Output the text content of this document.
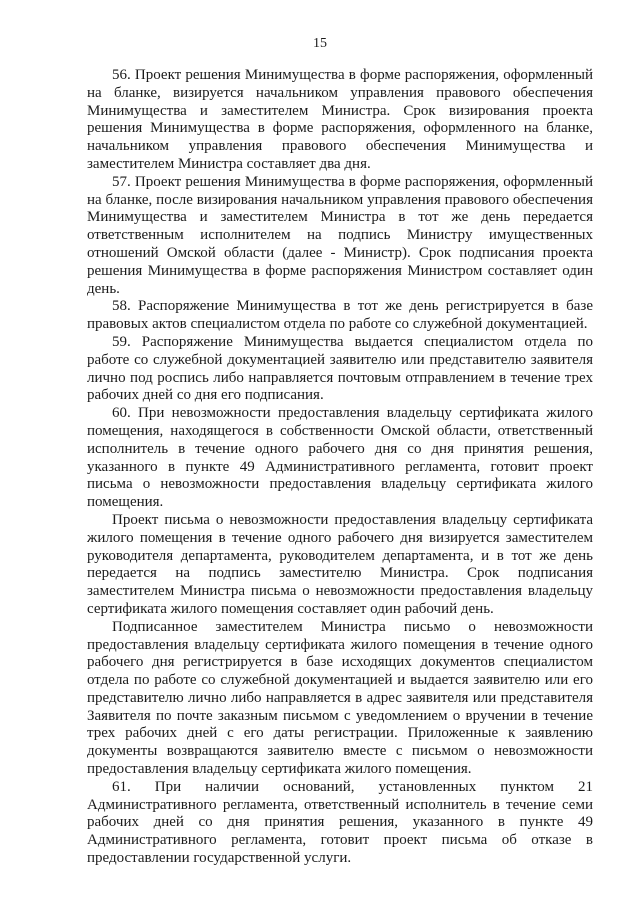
15

56. Проект решения Минимущества в форме распоряжения, оформленный на бланке, визируется начальником управления правового обеспечения Минимущества и заместителем Министра. Срок визирования проекта решения Минимущества в форме распоряжения, оформленного на бланке, начальником управления правового обеспечения Минимущества и заместителем Министра составляет два дня.

57. Проект решения Минимущества в форме распоряжения, оформленный на бланке, после визирования начальником управления правового обеспечения Минимущества и заместителем Министра в тот же день передается ответственным исполнителем на подпись Министру имущественных отношений Омской области (далее - Министр). Срок подписания проекта решения Минимущества в форме распоряжения Министром составляет один день.

58. Распоряжение Минимущества в тот же день регистрируется в базе правовых актов специалистом отдела по работе со служебной документацией.

59. Распоряжение Минимущества выдается специалистом отдела по работе со служебной документацией заявителю или представителю заявителя лично под роспись либо направляется почтовым отправлением в течение трех рабочих дней со дня его подписания.

60. При невозможности предоставления владельцу сертификата жилого помещения, находящегося в собственности Омской области, ответственный исполнитель в течение одного рабочего дня со дня принятия решения, указанного в пункте 49 Административного регламента, готовит проект письма о невозможности предоставления владельцу сертификата жилого помещения.

Проект письма о невозможности предоставления владельцу сертификата жилого помещения в течение одного рабочего дня визируется заместителем руководителя департамента, руководителем департамента, и в тот же день передается на подпись заместителю Министра. Срок подписания заместителем Министра письма о невозможности предоставления владельцу сертификата жилого помещения составляет один рабочий день.

Подписанное заместителем Министра письмо о невозможности предоставления владельцу сертификата жилого помещения в течение одного рабочего дня регистрируется в базе исходящих документов специалистом отдела по работе со служебной документацией и выдается заявителю или его представителю лично либо направляется в адрес заявителя или представителя Заявителя по почте заказным письмом с уведомлением о вручении в течение трех рабочих дней с его даты регистрации. Приложенные к заявлению документы возвращаются заявителю вместе с письмом о невозможности предоставления владельцу сертификата жилого помещения.

61. При наличии оснований, установленных пунктом 21 Административного регламента, ответственный исполнитель в течение семи рабочих дней со дня принятия решения, указанного в пункте 49 Административного регламента, готовит проект письма об отказе в предоставлении государственной услуги.
